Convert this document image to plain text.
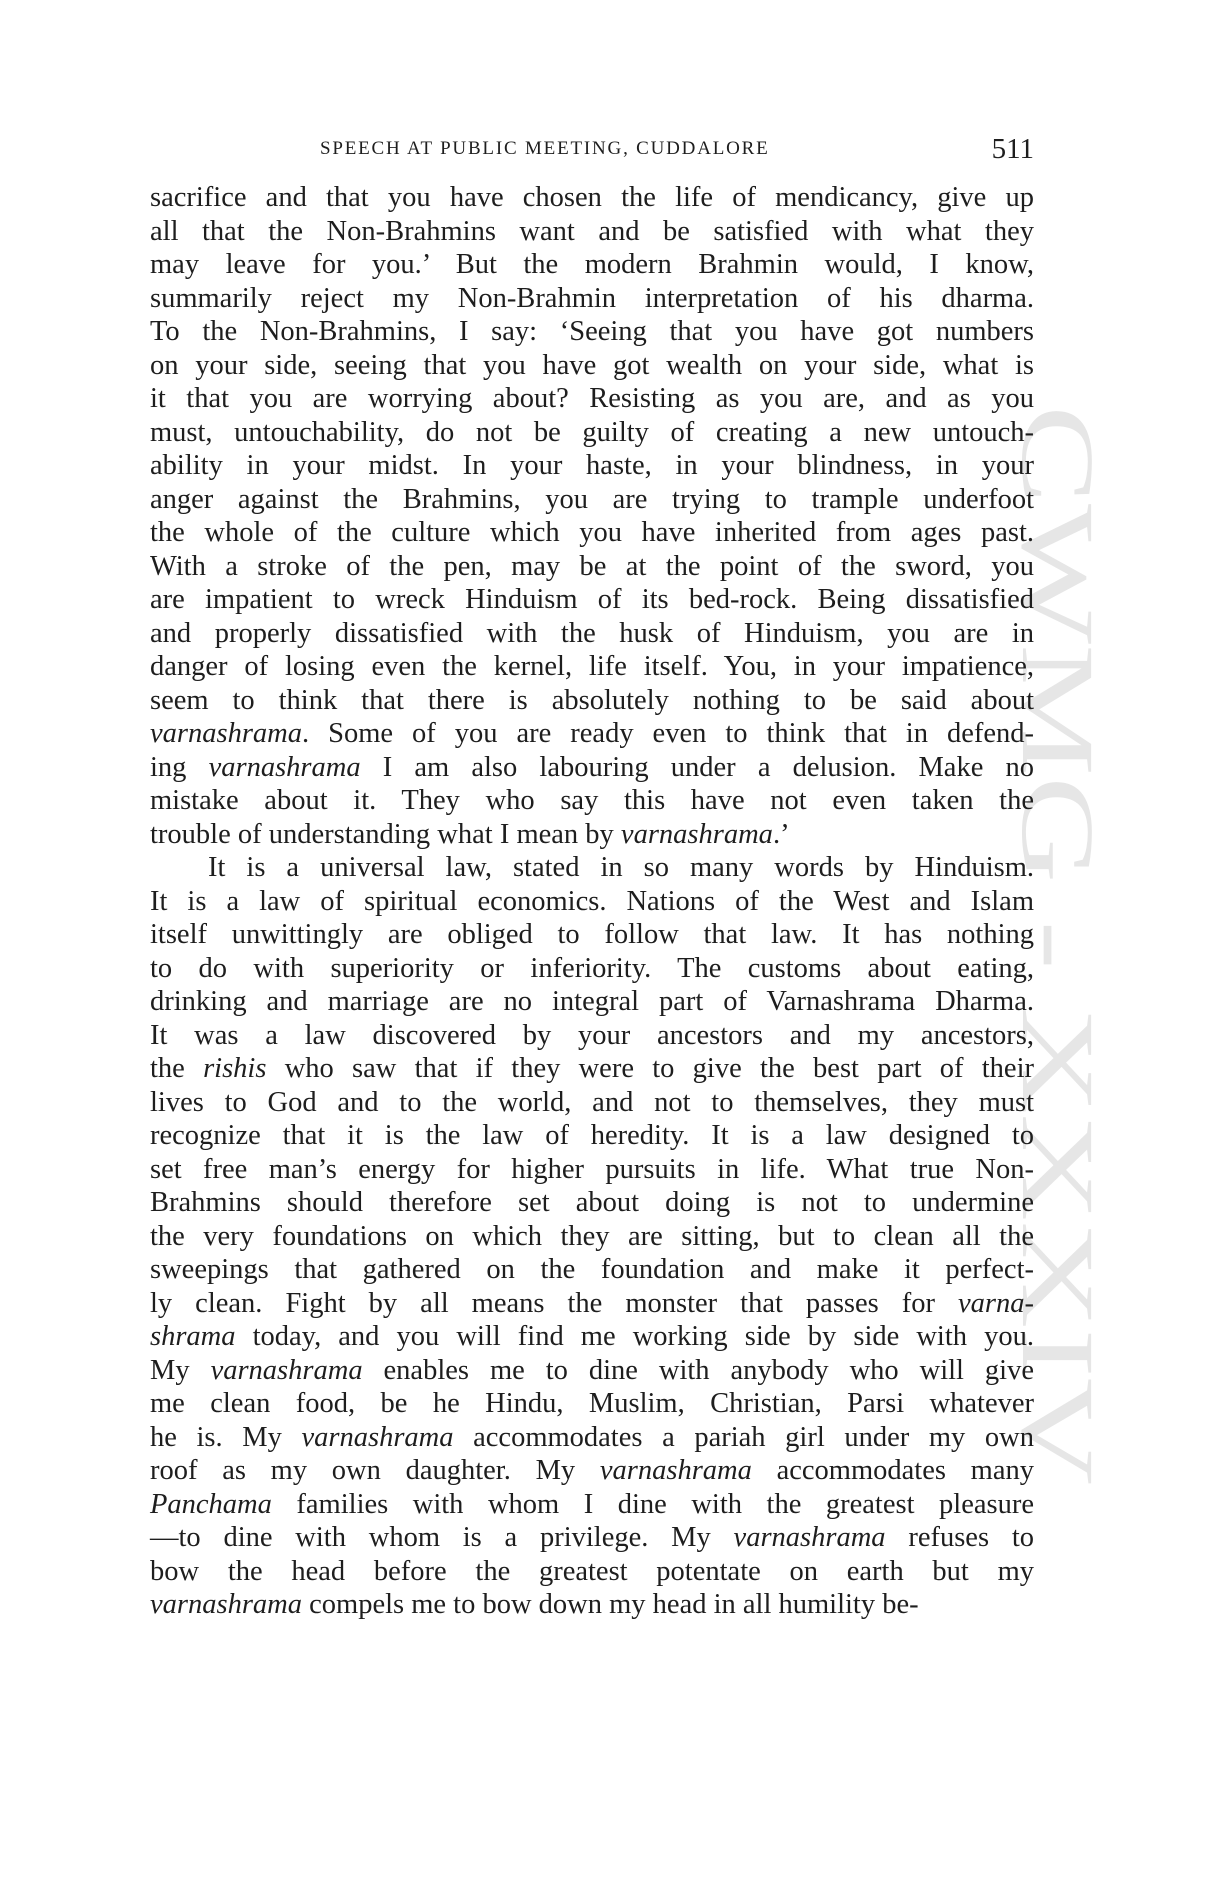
CWMG - XXXIV
SPEECH AT PUBLIC MEETING, CUDDALORE	511
sacrifice and that you have chosen the life of mendicancy, give up
all that the Non-Brahmins want and be satisfied with what they
may leave for you.’ But the modern Brahmin would, I know,
summarily reject my Non-Brahmin interpretation of his dharma.
To the Non-Brahmins, I say: ‘Seeing that you have got numbers
on your side, seeing that you have got wealth on your side, what is
it that you are worrying about? Resisting as you are, and as you
must, untouchability, do not be guilty of creating a new untouch-
ability in your midst. In your haste, in your blindness, in your
anger against the Brahmins, you are trying to trample underfoot
the whole of the culture which you have inherited from ages past.
With a stroke of the pen, may be at the point of the sword, you
are impatient to wreck Hinduism of its bed-rock. Being dissatisfied
and properly dissatisfied with the husk of Hinduism, you are in
danger of losing even the kernel, life itself. You, in your impatience,
seem to think that there is absolutely nothing to be said about
varnashrama. Some of you are ready even to think that in defend-
ing varnashrama I am also labouring under a delusion. Make no
mistake about it. They who say this have not even taken the
trouble of understanding what I mean by varnashrama.’
It is a universal law, stated in so many words by Hinduism.
It is a law of spiritual economics. Nations of the West and Islam
itself unwittingly are obliged to follow that law. It has nothing
to do with superiority or inferiority. The customs about eating,
drinking and marriage are no integral part of Varnashrama Dharma.
It was a law discovered by your ancestors and my ancestors,
the rishis who saw that if they were to give the best part of their
lives to God and to the world, and not to themselves, they must
recognize that it is the law of heredity. It is a law designed to
set free man’s energy for higher pursuits in life. What true Non-
Brahmins should therefore set about doing is not to undermine
the very foundations on which they are sitting, but to clean all the
sweepings that gathered on the foundation and make it perfect-
ly clean. Fight by all means the monster that passes for varna-
shrama today, and you will find me working side by side with you.
My varnashrama enables me to dine with anybody who will give
me clean food, be he Hindu, Muslim, Christian, Parsi whatever
he is. My varnashrama accommodates a pariah girl under my own
roof as my own daughter. My varnashrama accommodates many
Panchama families with whom I dine with the greatest pleasure
—to dine with whom is a privilege. My varnashrama refuses to
bow the head before the greatest potentate on earth but my
varnashrama compels me to bow down my head in all humility be-
